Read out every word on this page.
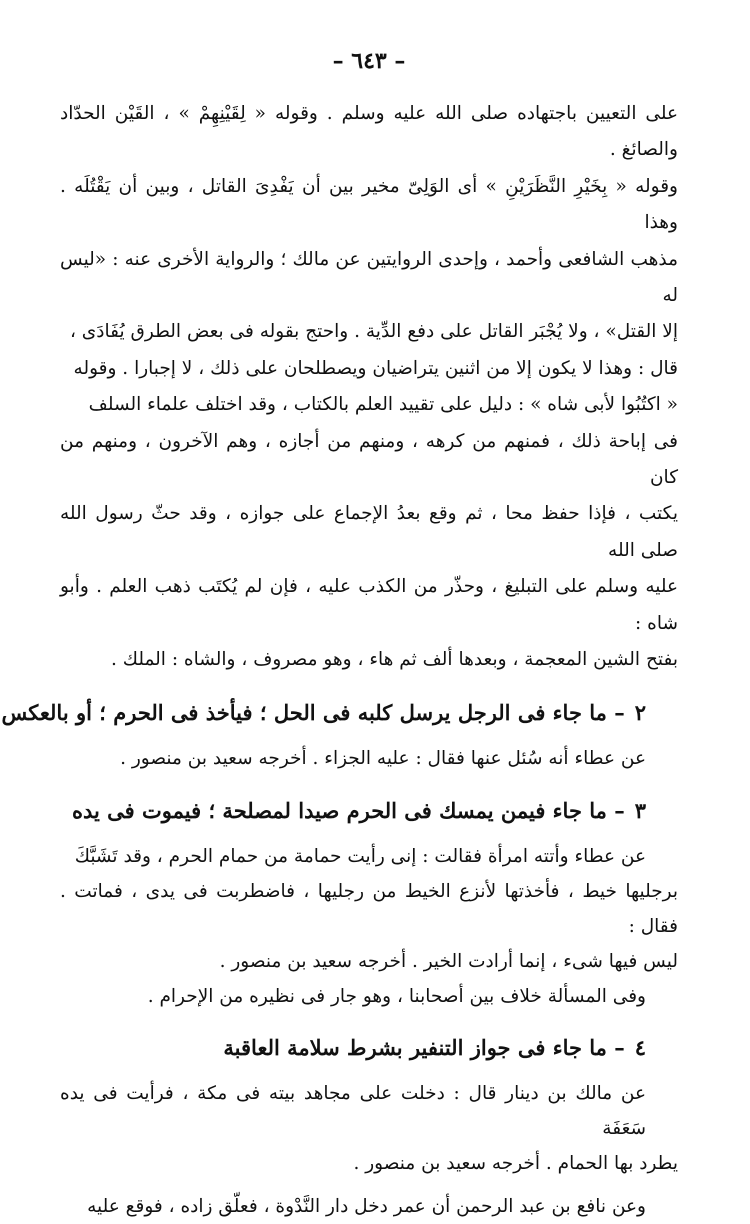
– ٦٤٣ –

على التعيين باجتهاده صلى الله عليه وسلم . وقوله « لِقَيْنِهِمْ » ، القَيْن الحدّاد والصائغ .

وقوله « بِخَيْرِ النَّظَرَيْنِ » أى الوَلِىّ مخير بين أن يَفْدِىَ القاتل ، وبين أن يَقْتُلَه . وهذا

مذهب الشافعى وأحمد ، وإحدى الروايتين عن مالك ؛ والرواية الأخرى عنه : «ليس له

إلا القتل» ، ولا يُجْبَر القاتل على دفع الدِّية . واحتج بقوله فى بعض الطرق يُفَادَى ،

قال : وهذا لا يكون إلا من اثنين يتراضيان ويصطلحان على ذلك ، لا إجبارا . وقوله

« اكتُبُوا لأبى شاه » : دليل على تقييد العلم بالكتاب ، وقد اختلف علماء السلف

فى إباحة ذلك ، فمنهم من كرهه ، ومنهم من أجازه ، وهم الآخرون ، ومنهم من كان

يكتب ، فإذا حفظ محا ، ثم وقع بعدُ الإجماع على جوازه ، وقد حثّ رسول الله صلى الله

عليه وسلم على التبليغ ، وحذّر من الكذب عليه ، فإن لم يُكتَب ذهب العلم . وأبو شاه :

بفتح الشين المعجمة ، وبعدها ألف ثم هاء ، وهو مصروف ، والشاه : الملك .

٢– ما جاء فى الرجل يرسل كلبه فى الحل ؛ فيأخذ فى الحرم ؛ أو بالعكس

عن عطاء أنه سُئل عنها فقال : عليه الجزاء . أخرجه سعيد بن منصور .

٣– ما جاء فيمن يمسك فى الحرم صيدا لمصلحة ؛ فيموت فى يده

عن عطاء وأتته امرأة فقالت : إنى رأيت حمامة من حمام الحرم ، وقد تَشَبَّكَ

برجليها خيط ، فأخذتها لأنزع الخيط من رجليها ، فاضطربت فى يدى ، فماتت . فقال :

ليس فيها شىء ، إنما أرادت الخير . أخرجه سعيد بن منصور .

وفى المسألة خلاف بين أصحابنا ، وهو جار فى نظيره من الإحرام .

٤– ما جاء فى جواز التنفير بشرط سلامة العاقبة

عن مالك بن دينار قال : دخلت على مجاهد بيته فى مكة ، فرأيت فى يده سَعَفَة

يطرد بها الحمام . أخرجه سعيد بن منصور .

وعن نافع بن عبد الرحمن أن عمر دخل دار النَّدْوة ، فعلّق زاده ، فوقع عليه
